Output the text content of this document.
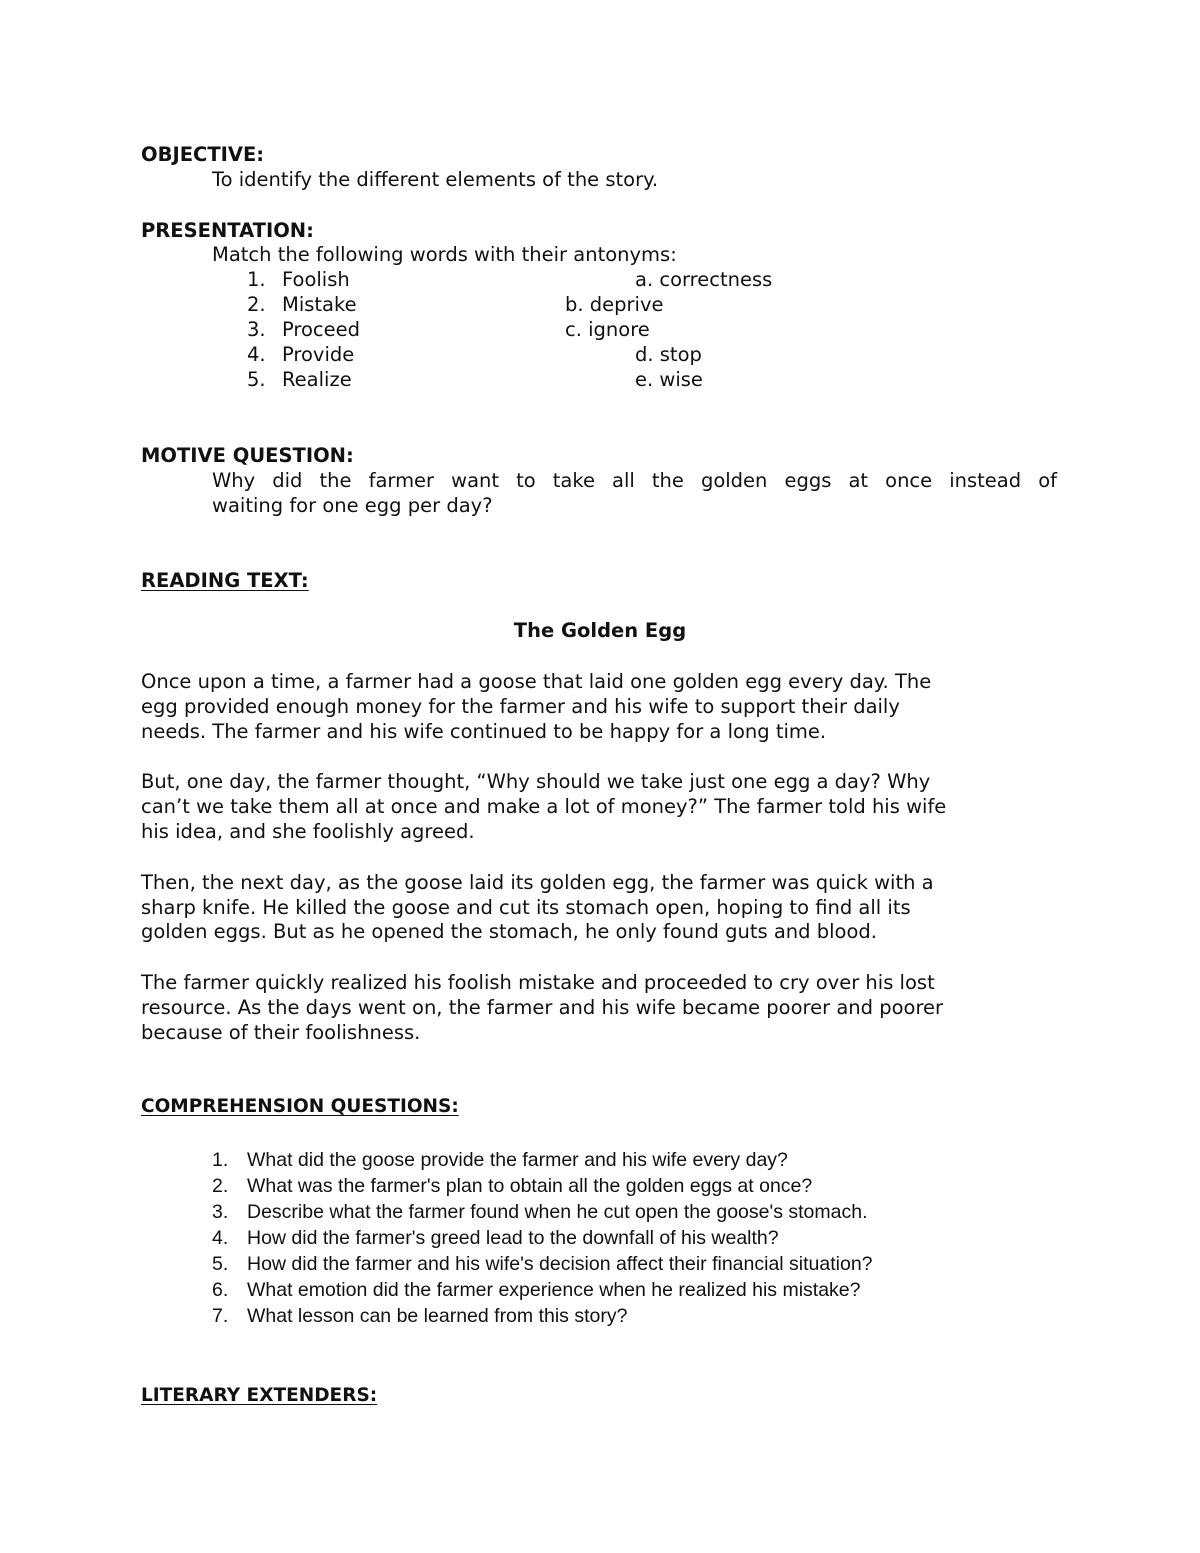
OBJECTIVE:
To identify the different elements of the story.
PRESENTATION:
Match the following words with their antonyms:
1. Foolish	a. correctness
2. Mistake	b. deprive
3. Proceed	c. ignore
4. Provide	d. stop
5. Realize	e. wise
MOTIVE QUESTION:
Why did the farmer want to take all the golden eggs at once instead of
waiting for one egg per day?
READING TEXT:
The Golden Egg
Once upon a time, a farmer had a goose that laid one golden egg every day. The
egg provided enough money for the farmer and his wife to support their daily
needs. The farmer and his wife continued to be happy for a long time.
But, one day, the farmer thought, “Why should we take just one egg a day? Why
can’t we take them all at once and make a lot of money?” The farmer told his wife
his idea, and she foolishly agreed.
Then, the next day, as the goose laid its golden egg, the farmer was quick with a
sharp knife. He killed the goose and cut its stomach open, hoping to find all its
golden eggs. But as he opened the stomach, he only found guts and blood.
The farmer quickly realized his foolish mistake and proceeded to cry over his lost
resource. As the days went on, the farmer and his wife became poorer and poorer
because of their foolishness.
COMPREHENSION QUESTIONS:
1. What did the goose provide the farmer and his wife every day?
2. What was the farmer's plan to obtain all the golden eggs at once?
3. Describe what the farmer found when he cut open the goose's stomach.
4. How did the farmer's greed lead to the downfall of his wealth?
5. How did the farmer and his wife's decision affect their financial situation?
6. What emotion did the farmer experience when he realized his mistake?
7. What lesson can be learned from this story?
LITERARY EXTENDERS:
